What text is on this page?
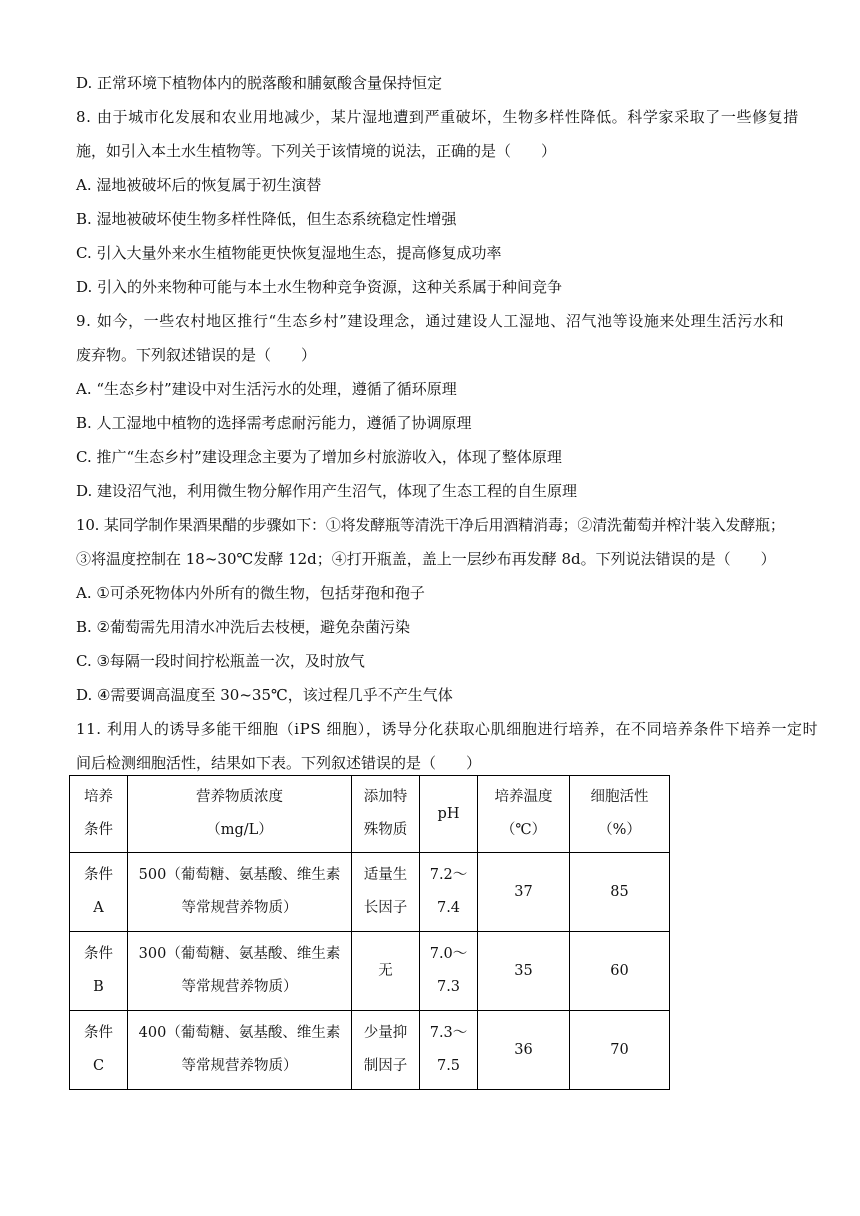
D. 正常环境下植物体内的脱落酸和脯氨酸含量保持恒定
8. 由于城市化发展和农业用地减少，某片湿地遭到严重破坏，生物多样性降低。科学家采取了一些修复措
施，如引入本土水生植物等。下列关于该情境的说法，正确的是（　　）
A. 湿地被破坏后的恢复属于初生演替
B. 湿地被破坏使生物多样性降低，但生态系统稳定性增强
C. 引入大量外来水生植物能更快恢复湿地生态，提高修复成功率
D. 引入的外来物种可能与本土水生物种竞争资源，这种关系属于种间竞争
9. 如今，一些农村地区推行“生态乡村”建设理念，通过建设人工湿地、沼气池等设施来处理生活污水和
废弃物。下列叙述错误的是（　　）
A. “生态乡村”建设中对生活污水的处理，遵循了循环原理
B. 人工湿地中植物的选择需考虑耐污能力，遵循了协调原理
C. 推广“生态乡村”建设理念主要为了增加乡村旅游收入，体现了整体原理
D. 建设沼气池，利用微生物分解作用产生沼气，体现了生态工程的自生原理
10. 某同学制作果酒果醋的步骤如下：①将发酵瓶等清洗干净后用酒精消毒；②清洗葡萄并榨汁装入发酵瓶；
③将温度控制在 18~30℃发酵 12d；④打开瓶盖，盖上一层纱布再发酵 8d。下列说法错误的是（　　）
A. ①可杀死物体内外所有的微生物，包括芽孢和孢子
B. ②葡萄需先用清水冲洗后去枝梗，避免杂菌污染
C. ③每隔一段时间拧松瓶盖一次，及时放气
D. ④需要调高温度至 30~35℃，该过程几乎不产生气体
11. 利用人的诱导多能干细胞（iPS 细胞），诱导分化获取心肌细胞进行培养，在不同培养条件下培养一定时
间后检测细胞活性，结果如下表。下列叙述错误的是（　　）
培养
条件	营养物质浓度
（mg/L）	添加特
殊物质	pH	培养温度
（℃）	细胞活性
（%）

条件
A	500（葡萄糖、氨基酸、维生素
等常规营养物质）	适量生
长因子	7.2～
7.4	37	85

条件
B	300（葡萄糖、氨基酸、维生素
等常规营养物质）	无	7.0～
7.3	35	60

条件
C	400（葡萄糖、氨基酸、维生素
等常规营养物质）	少量抑
制因子	7.3～
7.5	36	70
